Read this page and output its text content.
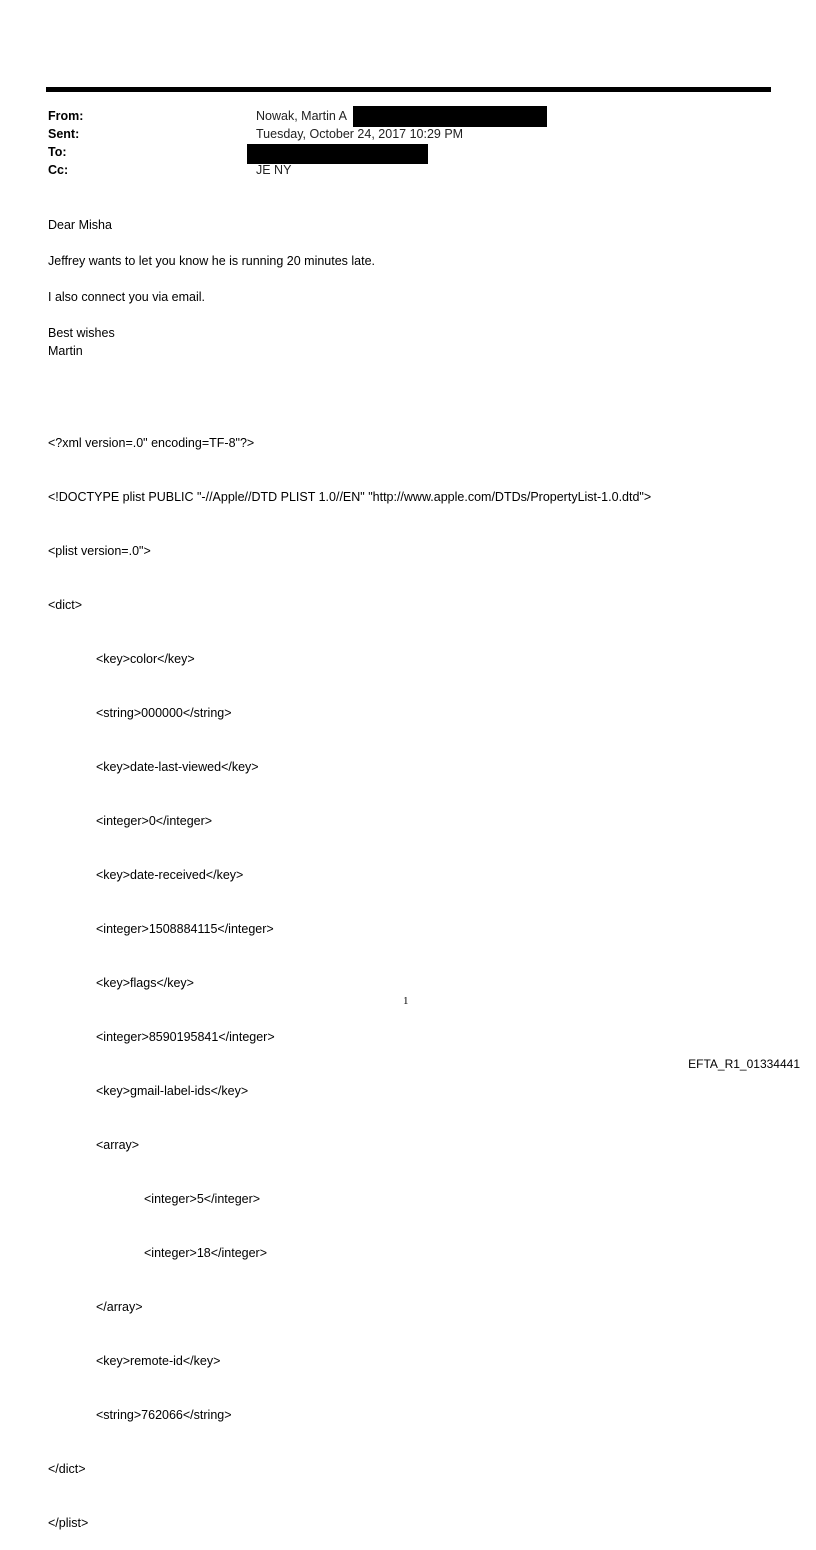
From:	Nowak, Martin A
Sent:	Tuesday, October 24, 2017 10:29 PM
To:
Cc:	JE NY
Dear Misha
Jeffrey wants to let you know he is running 20 minutes late.
I also connect you via email.
Best wishes
Martin

<?xml version=.0" encoding=TF-8"?>

<!DOCTYPE plist PUBLIC "-//Apple//DTD PLIST 1.0//EN" "http://www.apple.com/DTDs/PropertyList-1.0.dtd">

<plist version=.0">

<dict>

<key>color</key>

<string>000000</string>

<key>date-last-viewed</key>

<integer>0</integer>

<key>date-received</key>

<integer>1508884115</integer>

<key>flags</key>

<integer>8590195841</integer>

<key>gmail-label-ids</key>

<array>

<integer>5</integer>

<integer>18</integer>

</array>

<key>remote-id</key>

<string>762066</string>

</dict>

</plist>

1
EFTA_R1_01334441
